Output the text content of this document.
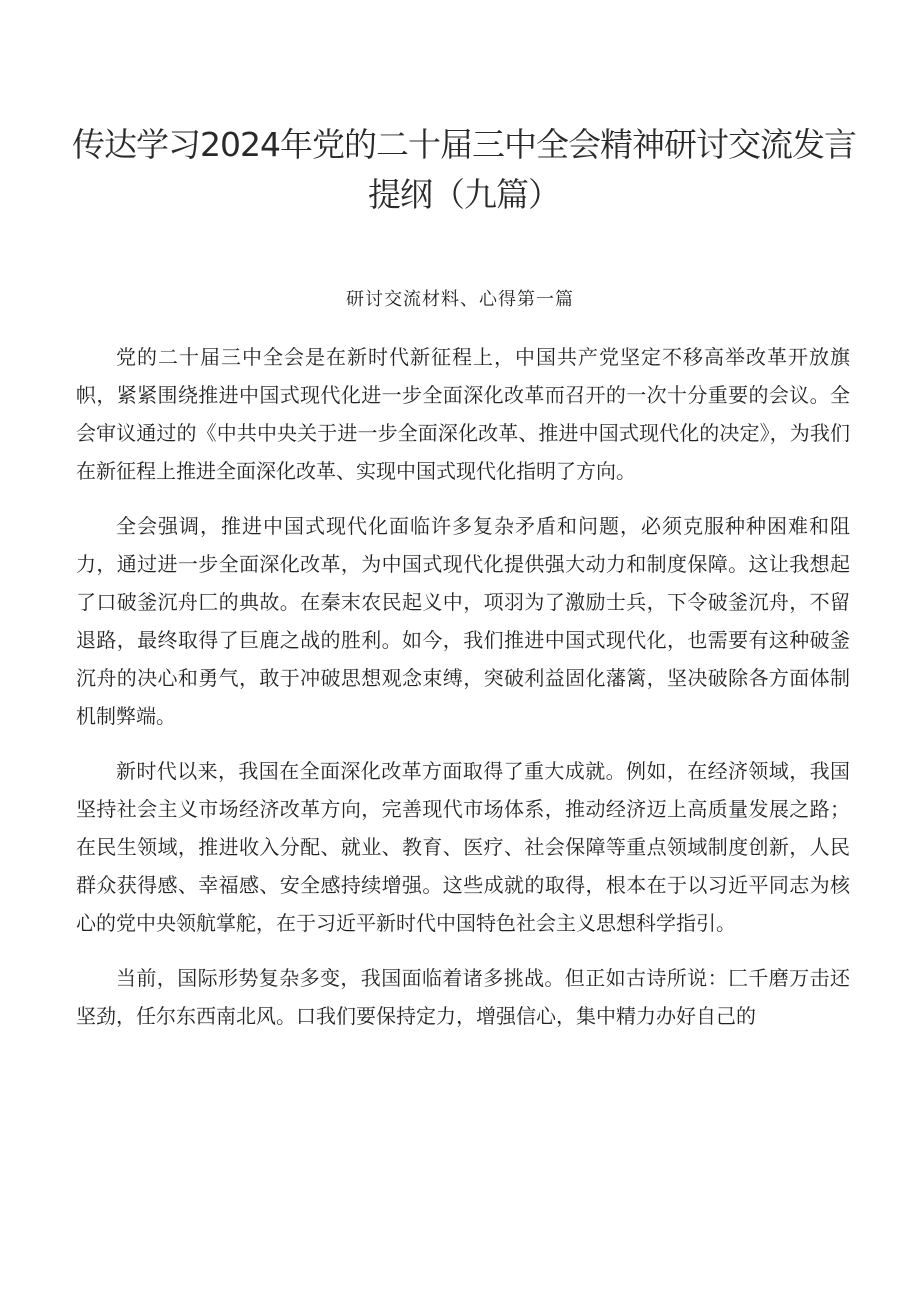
传达学习2024年党的二十届三中全会精神研讨交流发言提纲（九篇）
研讨交流材料、心得第一篇

党的二十届三中全会是在新时代新征程上，中国共产党坚定不移高举改革开放旗帜，紧紧围绕推进中国式现代化进一步全面深化改革而召开的一次十分重要的会议。全会审议通过的《中共中央关于进一步全面深化改革、推进中国式现代化的决定》，为我们在新征程上推进全面深化改革、实现中国式现代化指明了方向。

全会强调，推进中国式现代化面临许多复杂矛盾和问题，必须克服种种困难和阻力，通过进一步全面深化改革，为中国式现代化提供强大动力和制度保障。这让我想起了口破釜沉舟匚的典故。在秦末农民起义中，项羽为了激励士兵，下令破釜沉舟，不留退路，最终取得了巨鹿之战的胜利。如今，我们推进中国式现代化，也需要有这种破釜沉舟的决心和勇气，敢于冲破思想观念束缚，突破利益固化藩篱，坚决破除各方面体制机制弊端。

新时代以来，我国在全面深化改革方面取得了重大成就。例如，在经济领域，我国坚持社会主义市场经济改革方向，完善现代市场体系，推动经济迈上高质量发展之路；在民生领域，推进收入分配、就业、教育、医疗、社会保障等重点领域制度创新，人民群众获得感、幸福感、安全感持续增强。这些成就的取得，根本在于以习近平同志为核心的党中央领航掌舵，在于习近平新时代中国特色社会主义思想科学指引。

当前，国际形势复杂多变，我国面临着诸多挑战。但正如古诗所说：匚千磨万击还坚劲，任尔东西南北风。口我们要保持定力，增强信心，集中精力办好自己的
